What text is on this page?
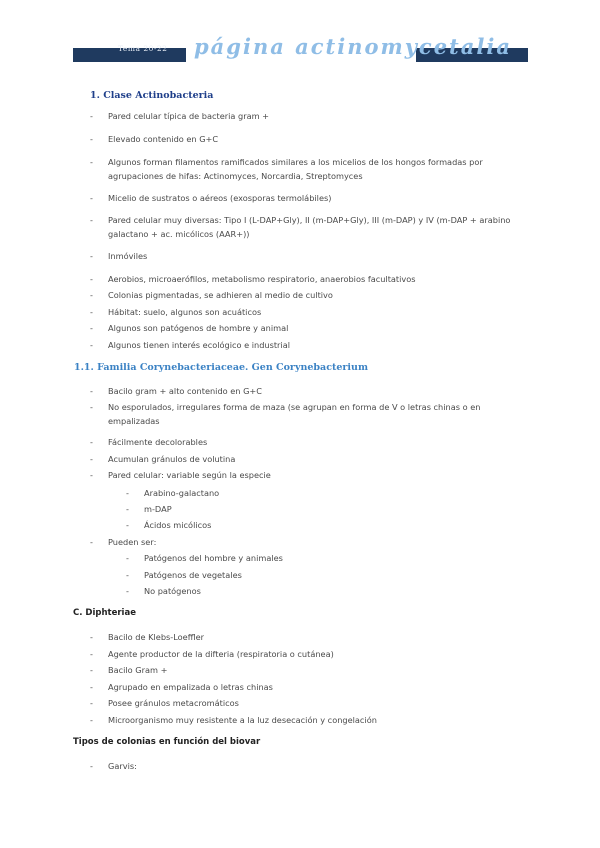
Tema 20-22 página actinomycetalia
1. Clase Actinobacteria
- Pared celular típica de bacteria gram +
- Elevado contenido en G+C
- Algunos forman filamentos ramificados similares a los micelios de los hongos formadas por agrupaciones de hifas: Actinomyces, Norcardia, Streptomyces
- Micelio de sustratos o aéreos (exosporas termolábiles)
- Pared celular muy diversas: Tipo I (L-DAP+Gly), II (m-DAP+Gly), III (m-DAP) y IV (m-DAP + arabino galactano + ac. micólicos (AAR+))
- Inmóviles
- Aerobios, microaerófilos, metabolismo respiratorio, anaerobios facultativos
- Colonias pigmentadas, se adhieren al medio de cultivo
- Hábitat: suelo, algunos son acuáticos
- Algunos son patógenos de hombre y animal
- Algunos tienen interés ecológico e industrial
1.1. Familia Corynebacteriaceae. Gen Corynebacterium
- Bacilo gram + alto contenido en G+C
- No esporulados, irregulares forma de maza (se agrupan en forma de V o letras chinas o en empalizadas
- Fácilmente decolorables
- Acumulan gránulos de volutina
- Pared celular: variable según la especie
- Arabino-galactano
- m-DAP
- Ácidos micólicos
- Pueden ser:
- Patógenos del hombre y animales
- Patógenos de vegetales
- No patógenos
C. Diphteriae
- Bacilo de Klebs-Loeffler
- Agente productor de la difteria (respiratoria o cutánea)
- Bacilo Gram +
- Agrupado en empalizada o letras chinas
- Posee gránulos metacromáticos
- Microorganismo muy resistente a la luz desecación y congelación
Tipos de colonias en función del biovar
- Garvis:
